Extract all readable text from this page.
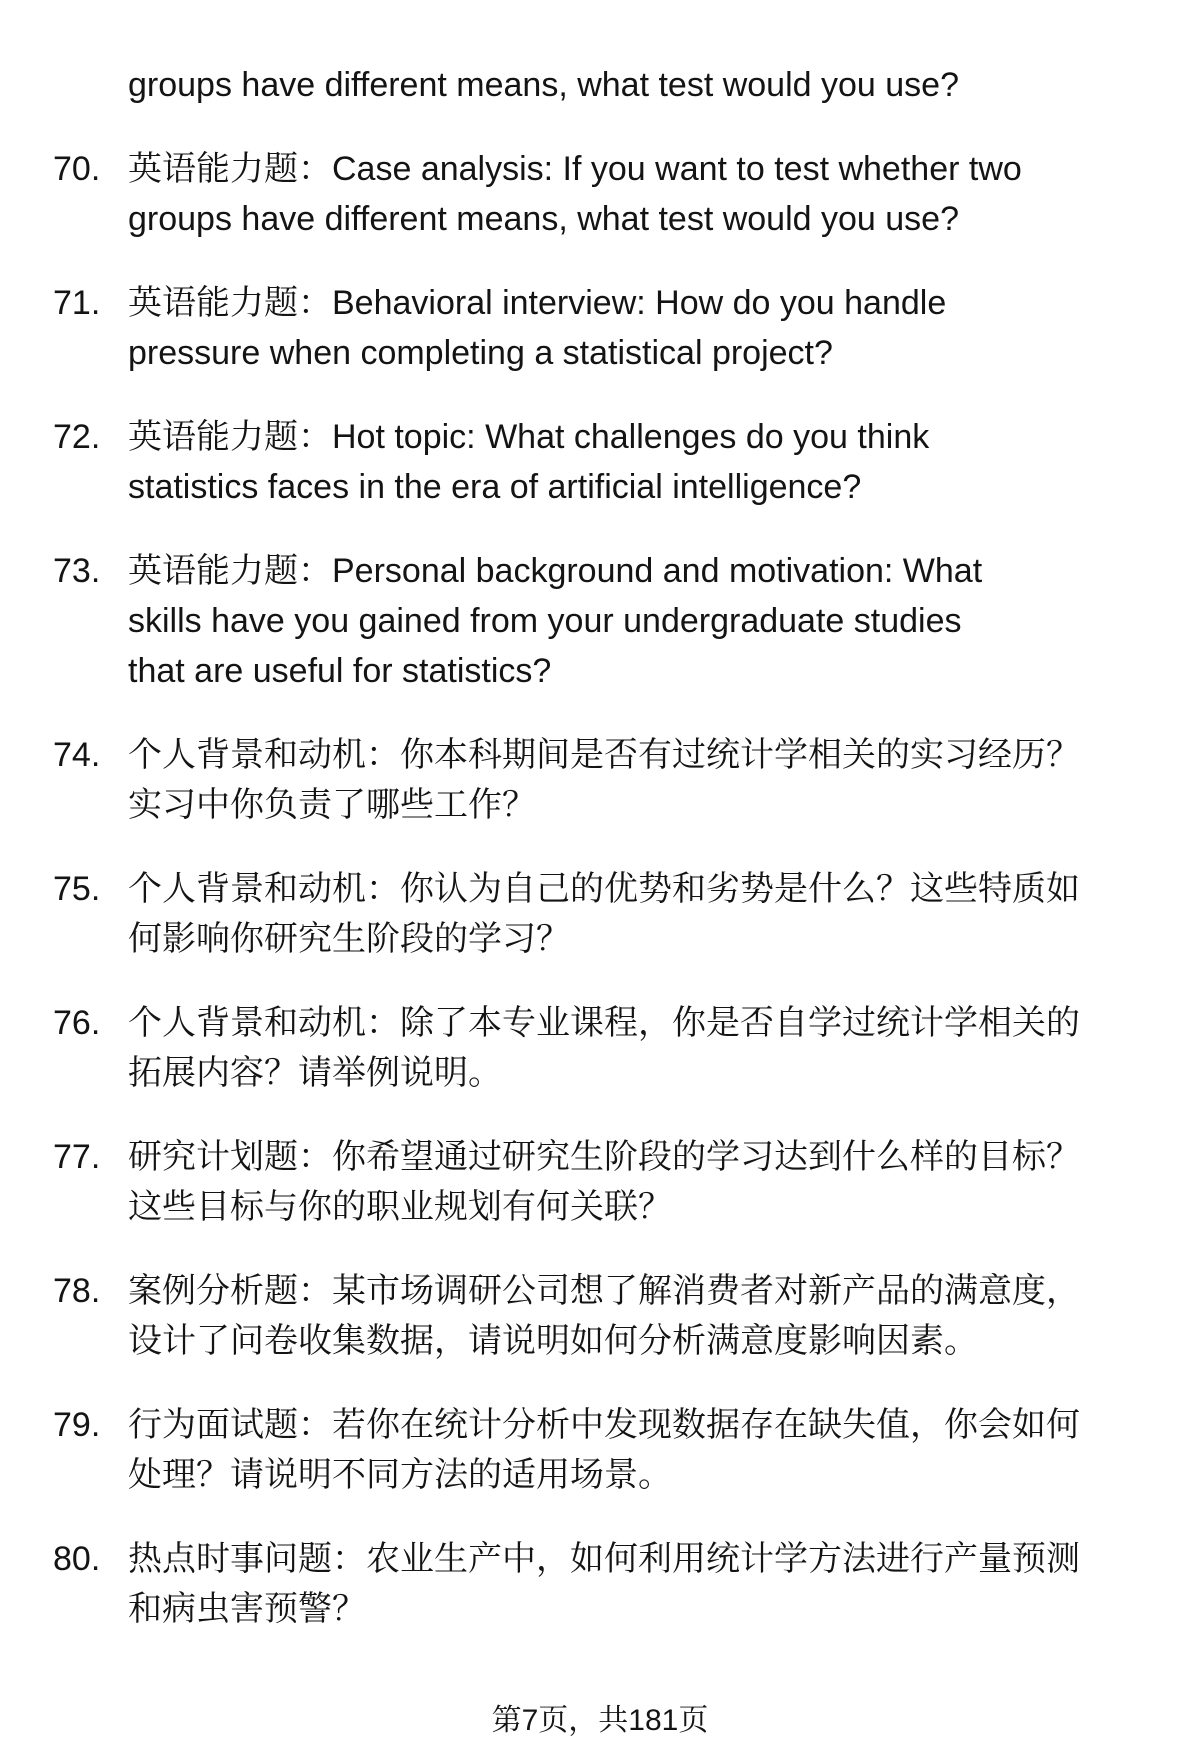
groups have different means, what test would you use?
70. 英语能力题：Case analysis: If you want to test whether two
groups have different means, what test would you use?
71. 英语能力题：Behavioral interview: How do you handle
pressure when completing a statistical project?
72. 英语能力题：Hot topic: What challenges do you think
statistics faces in the era of artificial intelligence?
73. 英语能力题：Personal background and motivation: What
skills have you gained from your undergraduate studies
that are useful for statistics?
74. 个人背景和动机：你本科期间是否有过统计学相关的实习经历？
实习中你负责了哪些工作？
75. 个人背景和动机：你认为自己的优势和劣势是什么？这些特质如
何影响你研究生阶段的学习？
76. 个人背景和动机：除了本专业课程，你是否自学过统计学相关的
拓展内容？请举例说明。
77. 研究计划题：你希望通过研究生阶段的学习达到什么样的目标？
这些目标与你的职业规划有何关联？
78. 案例分析题：某市场调研公司想了解消费者对新产品的满意度，
设计了问卷收集数据，请说明如何分析满意度影响因素。
79. 行为面试题：若你在统计分析中发现数据存在缺失值，你会如何
处理？请说明不同方法的适用场景。
80. 热点时事问题：农业生产中，如何利用统计学方法进行产量预测
和病虫害预警？
第7页，共181页
